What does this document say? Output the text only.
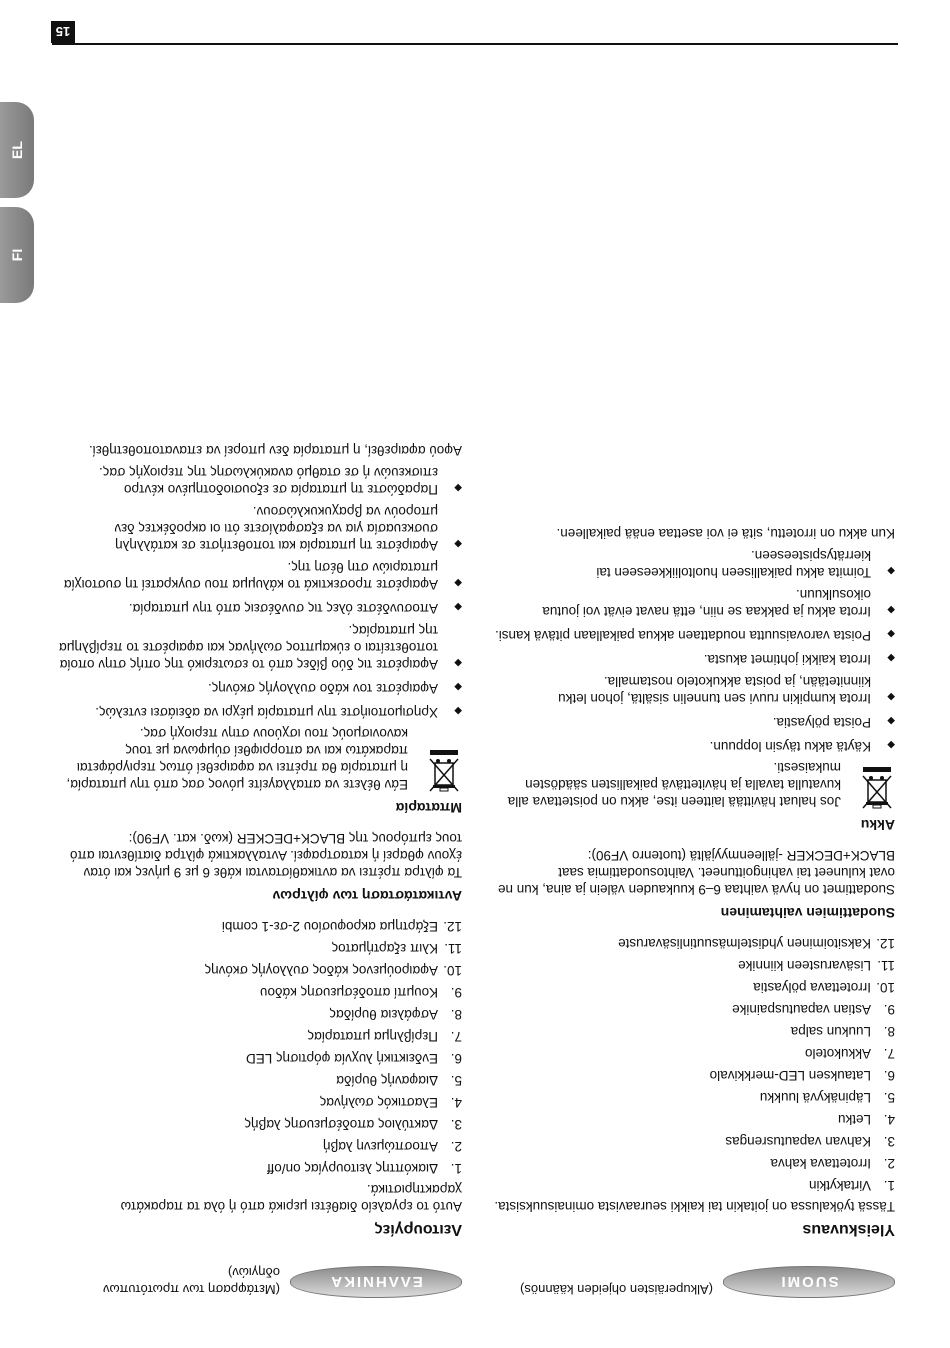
SUOMI
(Alkuperäisten ohjeiden käännös)
Yleiskuvaus

Tässä työkalussa on joitakin tai kaikki seuraavista ominaisuuksista.

1.
Virtakytkin
2.
Irrotettava kahva
3.
Kahvan vapautusrengas
4.
Letku
5.
Läpinäkyvä luukku
6.
Latauksen LED-merkkivalo
7.
Akkukotelo
8.
Luukun salpa
9.
Astian vapautuspainike
10.
Irrotettava pölyastia
11.
Lisävarusteen kiinnike
12.
Kaksitoiminen yhdistelmäsuutinlisävaruste
Suodattimien vaihtaminen

Suodattimet on hyvä vaihtaa 6–9 kuukauden välein ja aina, kun ne ovat kuluneet tai vahingoittuneet. Vaihtosuodattimia saat BLACK+DECKER -jälleenmyyjältä (tuotenro VF90):

Akku

Jos haluat hävittää laitteen itse, akku on poistettava alla kuvatulla tavalla ja hävitettävä paikallisten säädösten mukaisesti.

◆
Käytä akku täysin loppuun.
◆
Poista pölyastia.
◆
Irrota kumpikin ruuvi sen tunnelin sisältä, johon letku kiinnitetään, ja poista akkukotelo nostamalla.
◆
Irrota kaikki johtimet akusta.
◆
Poista varovaisuutta noudattaen akkua paikallaan pitävä kansi.
◆
Irrota akku ja pakkaa se niin, että navat eivät voi joutua oikosulkuun.
◆
Toimita akku paikalliseen huoltoliikkeeseen tai kierrätyspisteeseen.

Kun akku on irrotettu, sitä ei voi asettaa enää paikalleen.

ΕΛΛΗΝΙΚΑ
(Μετάφραση των πρωτότυπων οδηγιών)
Λειτουργίες

Αυτό το εργαλείο διαθέτει μερικά από ή όλα τα παρακάτω χαρακτηριστικά.

1.
Διακόπτης λειτουργίας on/off
2.
Αποσπώμενη λαβή
3.
Δακτύλιος αποδέσμευσης λαβής
4.
Ελαστικός σωλήνας
5.
Διαφανής θυρίδα
6.
Ενδεικτική λυχνία φόρτισης LED
7.
Περίβλημα μπαταρίας
8.
Ασφάλεια θυρίδας
9.
Κουμπί αποδέσμευσης κάδου
10.
Αφαιρούμενος κάδος συλλογής σκόνης
11.
Κλιπ εξαρτήματος
12.
Εξάρτημα ακροφυσίου 2-σε-1 combi
Αντικατάσταση των φίλτρων

Τα φίλτρα πρέπει να αντικαθίστανται κάθε 6 με 9 μήνες και όταν έχουν φθαρεί ή καταστραφεί. Ανταλλακτικά φίλτρα διατίθενται από τους εμπόρους της BLACK+DECKER (κωδ. κατ. VF90):

Μπαταρία

Εάν θέλετε να απαλλαγείτε μόνος σας από την μπαταρία, η μπαταρία θα πρέπει να αφαιρεθεί όπως περιγράφεται παρακάτω και να απορριφθεί σύμφωνα με τους κανονισμούς που ισχύουν στην περιοχή σας.

◆
Χρησιμοποιήστε την μπαταρία μέχρι να αδειάσει εντελώς.
◆
Αφαιρέστε τον κάδο συλλογής σκόνης.
◆
Αφαιρέστε τις δύο βίδες από το εσωτερικό της οπής στην οποία τοποθετείται ο εύκαμπτος σωλήνας και αφαιρέστε το περίβλημα της μπαταρίας.
◆
Αποσυνδέστε όλες τις συνδέσεις από την μπαταρία.
◆
Αφαιρέστε προσεκτικά το κάλυμμα που συγκρατεί τη συστοιχία μπαταριών στη θέση της.
◆
Αφαιρέστε τη μπαταρία και τοποθετήστε σε κατάλληλη συσκευασία για να εξασφαλίσετε ότι οι ακροδέκτες δεν μπορούν να βραχυκυκλώσουν.
◆
Παραδώστε τη μπαταρία σε εξουσιοδοτημένο κέντρο επισκευών ή σε σταθμό ανακύκλωσης της περιοχής σας.

Αφού αφαιρεθεί, η μπαταρία δεν μπορεί να επανατοποθετηθεί.

15
FI
EL
